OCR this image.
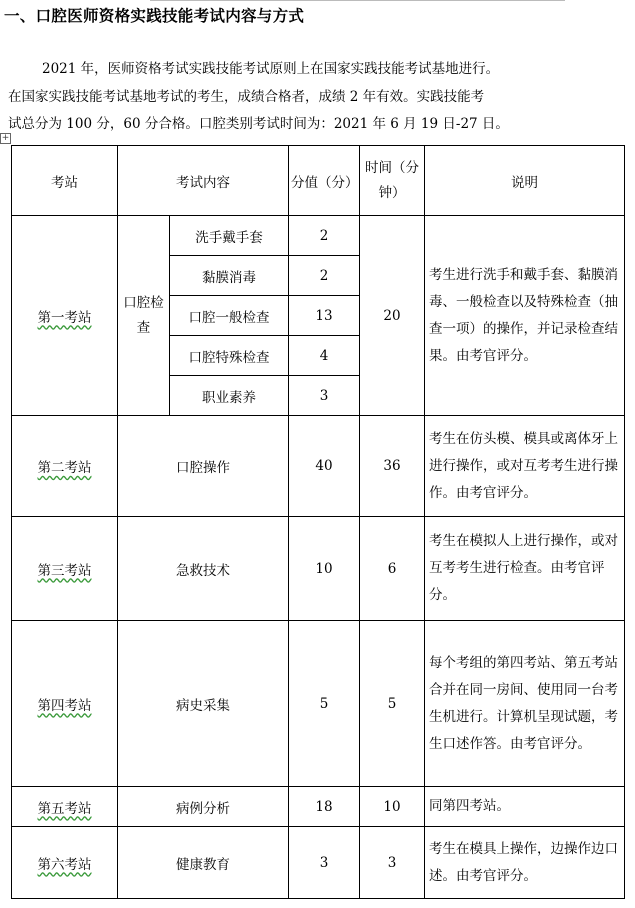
一、口腔医师资格实践技能考试内容与方式

2021 年，医师资格考试实践技能考试原则上在国家实践技能考试基地进行。

在国家实践技能考试基地考试的考生，成绩合格者，成绩 2 年有效。实践技能考

试总分为 100 分，60 分合格。口腔类别考试时间为：2021 年 6 月 19 日-27 日。

+
考站	考试内容		分值（分）	时间（分钟）	说明
第一考站	口腔检查	洗手戴手套	2	20	考生进行洗手和戴手套、黏膜消毒、一般检查以及特殊检查（抽查一项）的操作，并记录检查结果。由考官评分。
		黏膜消毒	2		
		口腔一般检查	13		
		口腔特殊检查	4		
		职业素养	3		
第二考站	口腔操作		40	36	考生在仿头模、模具或离体牙上进行操作，或对互考考生进行操作。由考官评分。
第三考站	急救技术		10	6	考生在模拟人上进行操作，或对互考考生进行检查。由考官评分。
第四考站	病史采集		5	5	每个考组的第四考站、第五考站合并在同一房间、使用同一台考生机进行。计算机呈现试题，考生口述作答。由考官评分。
第五考站	病例分析		18	10	同第四考站。
第六考站	健康教育		3	3	考生在模具上操作，边操作边口述。由考官评分。
